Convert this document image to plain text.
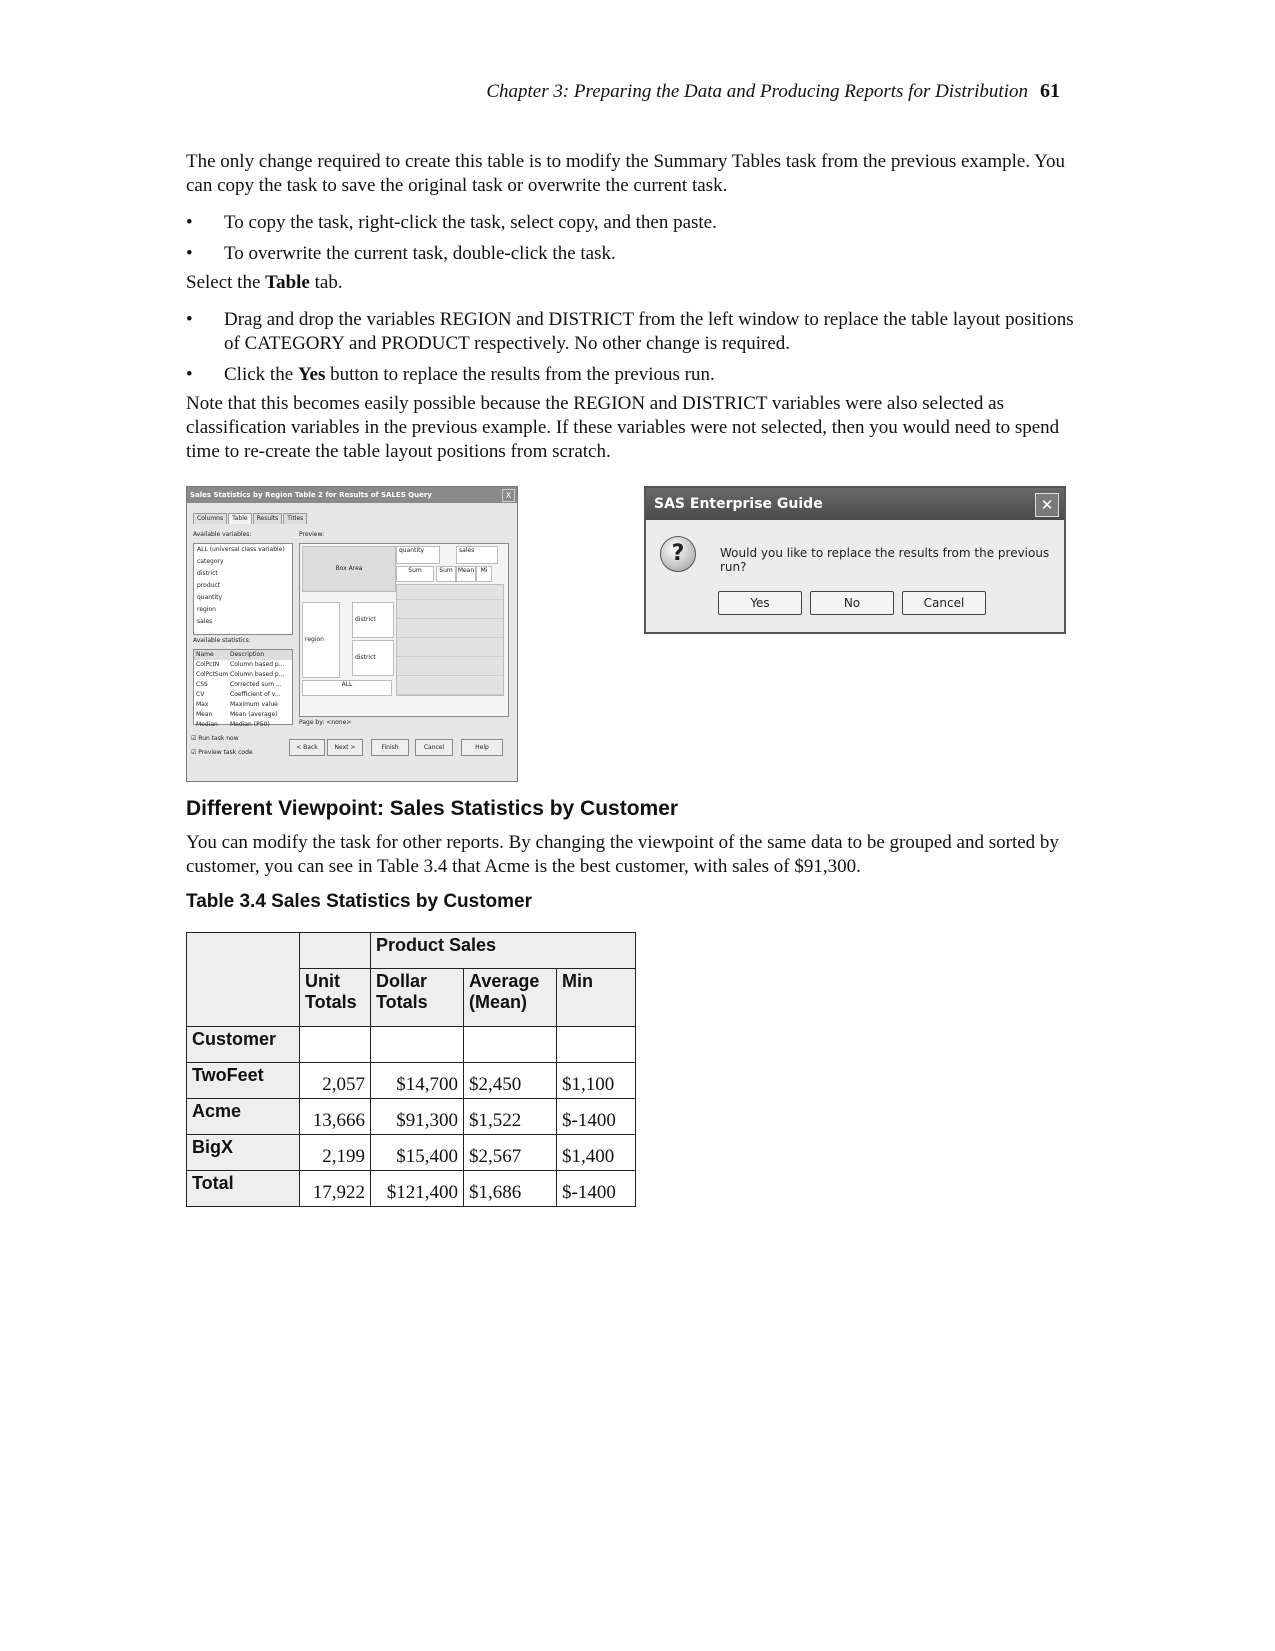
Chapter 3: Preparing the Data and Producing Reports for Distribution 61
The only change required to create this table is to modify the Summary Tables task from the previous example. You can copy the task to save the original task or overwrite the current task.
• To copy the task, right-click the task, select copy, and then paste.
• To overwrite the current task, double-click the task.
Select the Table tab.
• Drag and drop the variables REGION and DISTRICT from the left window to replace the table layout positions of CATEGORY and PRODUCT respectively. No other change is required.
• Click the Yes button to replace the results from the previous run.
Note that this becomes easily possible because the REGION and DISTRICT variables were also selected as classification variables in the previous example. If these variables were not selected, then you would need to spend time to re-create the table layout positions from scratch.
Sales Statistics by Region Table 2 for Results of SALES Query	X
Columns Table Results Titles
Available variables:
ALL (universal class variable)
category
district
product
quantity
region
sales
Available statistics:
Name	Description
ColPctN Column based p...
ColPctSum Column based p...
CSS	Corrected sum ...
CV	Coefficient of v...
Max	Maximum value
Mean	Mean (average)
Median Median (P50)
Preview:
Box Area
quantity	sales
Sum	Sum Mean	Mi
region
district
district
ALL
Page by: <none>
☑ Run task now
☑ Preview task code
< Back	Next >	Finish	Cancel	Help
SAS Enterprise Guide	✕
?	Would you like to replace the results from the previous run?
Yes	No	Cancel
Different Viewpoint: Sales Statistics by Customer
You can modify the task for other reports. By changing the viewpoint of the same data to be grouped and sorted by customer, you can see in Table 3.4 that Acme is the best customer, with sales of $91,300.
Table 3.4 Sales Statistics by Customer
		Product Sales		
	Unit Totals	Dollar Totals	Average (Mean)	Min
Customer				
TwoFeet	2,057	$14,700	$2,450	$1,100
Acme	13,666	$91,300	$1,522	$-1400
BigX	2,199	$15,400	$2,567	$1,400
Total	17,922	$121,400	$1,686	$-1400
